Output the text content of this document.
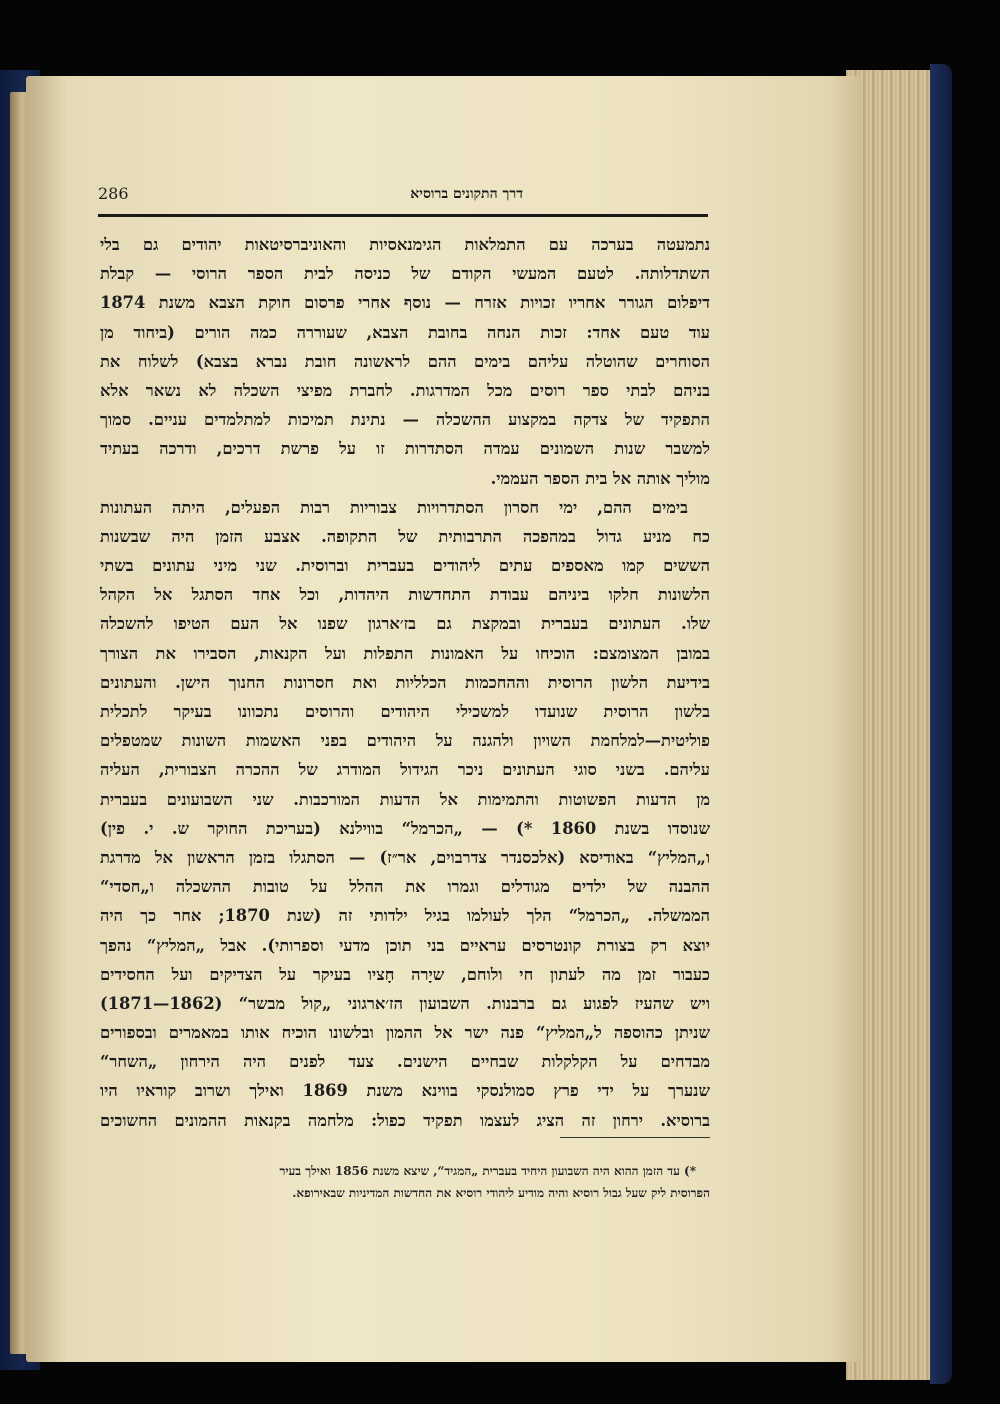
286	דרך התקונים ברוסיא
נתמעטה בערכה עם התמלאות הגימנאסיות והאוניברסיטאות יהודים גם בלי
השתדלותה. לטעם המעשי הקודם של כניסה לבית הספר הרוסי — קבלת
דיפלום הגורר אחריו זכויות אזרח — נוסף אחרי פרסום חוקת הצבא משנת 1874
עוד טעם אחד: זכות הנחה בחובת הצבא, שעוררה כמה הורים (ביחוד מן
הסוחרים שהוטלה עליהם בימים ההם לראשונה חובת נברא בצבא) לשלוח את
בניהם לבתי ספר רוסים מכל המדרגות. לחברת מפיצי השכלה לא נשאר אלא
התפקיד של צדקה במקצוע ההשכלה — נתינת תמיכות למתלמדים עניים. סמוך
למשבר שנות השמונים עמדה הסתדרות זו על פרשת דרכים, ודרכה בעתיד
מוליך אותה אל בית הספר העממי.
בימים ההם, ימי חסרון הסתדרויות צבוריות רבות הפעלים, היתה העתונות
כח מניע גדול במהפכה התרבותית של התקופה. אצבע הזמן היה שבשנות
הששים קמו מאספים עתים ליהודים בעברית וברוסית. שני מיני עתונים בשתי
הלשונות חלקו ביניהם עבודת התחדשות היהדות, וכל אחד הסתגל אל הקהל
שלו. העתונים בעברית ובמקצת גם בז׳ארגון שפנו אל העם הטיפו להשכלה
במובן המצומצם: הוכיחו על האמונות התפלות ועל הקנאות, הסבירו את הצורך
בידיעת הלשון הרוסית וההחכמות הכלליות ואת חסרונות החנוך הישן. והעתונים
בלשון הרוסית שנועדו למשכילי היהודים והרוסים נתכוונו בעיקר לתכלית
פוליטית—למלחמת השויון ולהגנה על היהודים בפני האשמות השונות שמטפלים
עליהם. בשני סוגי העתונים ניכר הגידול המודרג של ההכרה הצבורית, העליה
מן הדעות הפשוטות והתמימות אל הדעות המורכבות. שני השבועונים בעברית
שנוסדו בשנת 1860 *) — „הכרמל“ בווילנא (בעריכת החוקר ש. י. פין)
ו„המליץ“ באודיסא (אלכסנדר צדרבוים, אר״ז) — הסתגלו בזמן הראשון אל מדרגת
ההבנה של ילדים מגודלים וגמרו את ההלל על טובות ההשכלה ו„חסדי“
הממשלה. „הכרמל“ הלך לעולמו בגיל ילדותי זה (שנת 1870; אחר כך היה
יוצא רק בצורת קונטרסים עראיים בני תוכן מדעי וספרותי). אבל „המליץ“ נהפך
כעבור זמן מה לעתון חי ולוחם, שיָרה חָציו בעיקר על הצדיקים ועל החסידים
ויש שהעיז לפגוע גם ברבנות. השבועון הז׳ארגוני „קול מבשר“ (1862—1871)
שניתן כהוספה ל„המליץ“ פנה ישר אל ההמון ובלשונו הוכיח אותו במאמרים ובספורים
מבדחים על הקלקלות שבחיים הישנים. צעד לפנים היה הירחון „השחר“
שנערך על ידי פרץ סמולנסקי בווינא משנת 1869 ואילך ושרוב קוראיו היו
ברוסיא. ירחון זה הציג לעצמו תפקיד כפול: מלחמה בקנאות ההמונים החשוכים
*) עד הזמן ההוא היה השבועון היחיד בעברית „המגיד“, שיצא משנת 1856 ואילך בעיר
הפרוסית ליק שעל גבול רוסיא והיה מודיע ליהודי רוסיא את החדשות המדיניות שבאירופא.
